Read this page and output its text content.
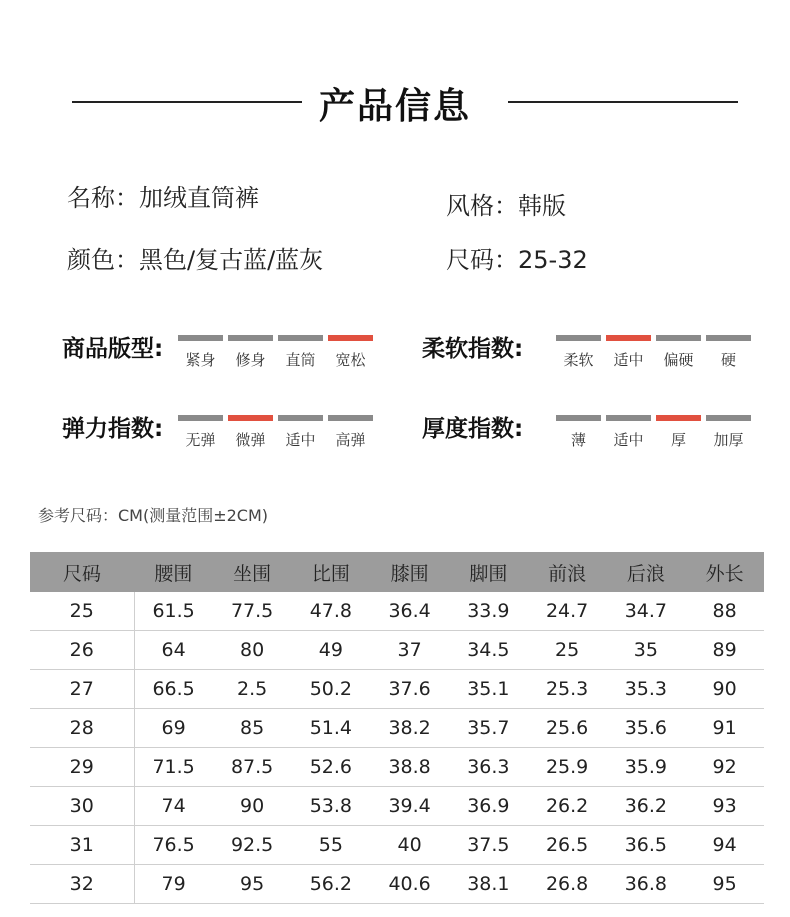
产品信息
名称：加绒直筒裤	风格：韩版
颜色：黑色/复古蓝/蓝灰	尺码：25-32
商品版型:	紧身	修身	直筒	宽松	柔软指数:	柔软	适中	偏硬	硬
弹力指数:	无弹	微弹	适中	高弹	厚度指数:	薄	适中	厚	加厚
参考尺码：CM(测量范围±2CM)
尺码	腰围	坐围	比围	膝围	脚围	前浪	后浪	外长
25	61.5	77.5	47.8	36.4	33.9	24.7	34.7	88
26	64	80	49	37	34.5	25	35	89
27	66.5	2.5	50.2	37.6	35.1	25.3	35.3	90
28	69	85	51.4	38.2	35.7	25.6	35.6	91
29	71.5	87.5	52.6	38.8	36.3	25.9	35.9	92
30	74	90	53.8	39.4	36.9	26.2	36.2	93
31	76.5	92.5	55	40	37.5	26.5	36.5	94
32	79	95	56.2	40.6	38.1	26.8	36.8	95
